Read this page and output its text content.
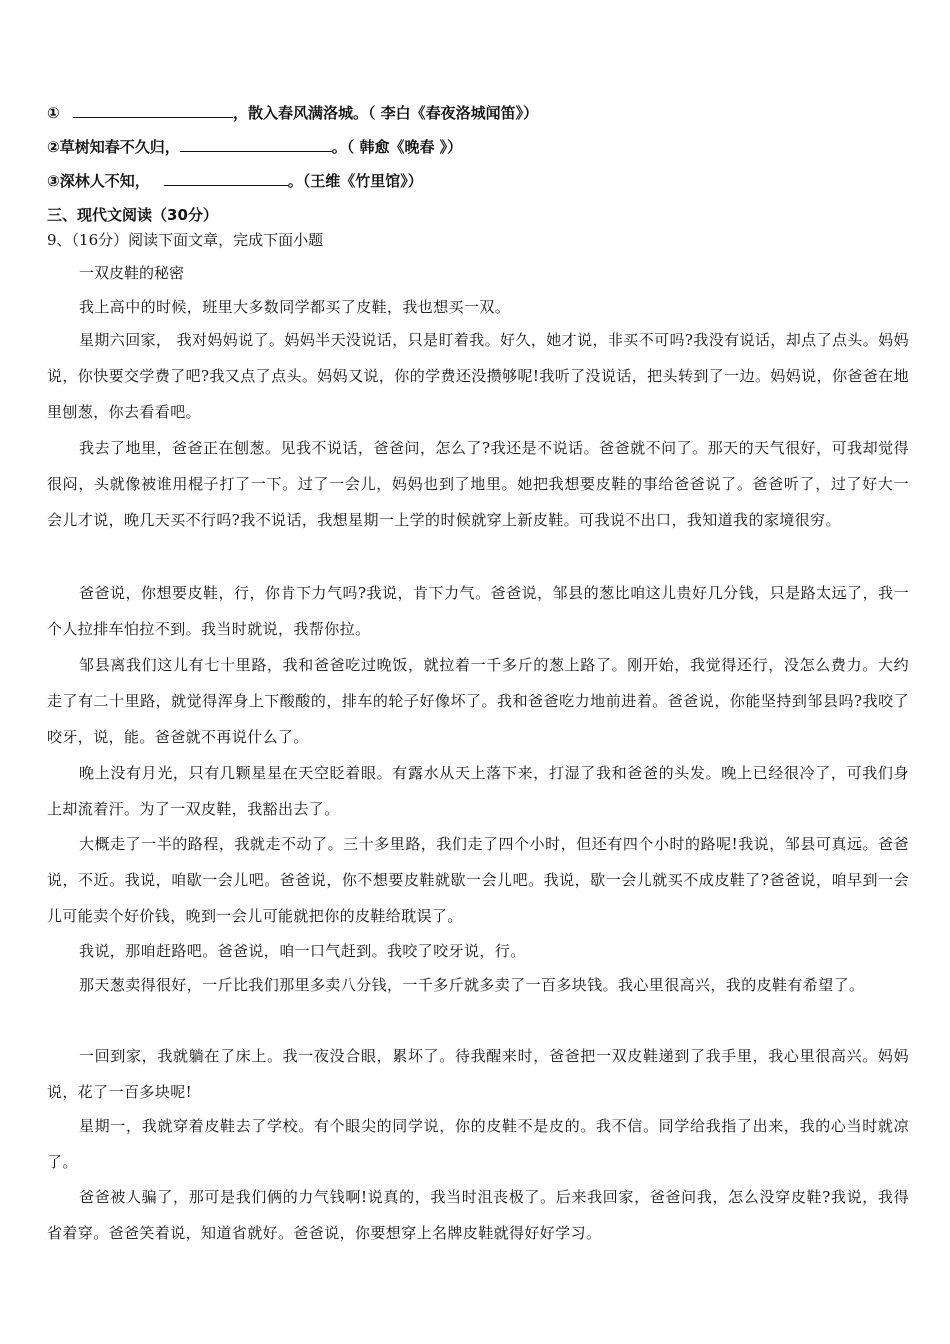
①	，散入春风满洛城。（ 李白《春夜洛城闻笛》）
②草树知春不久归，	。（ 韩愈《晚春 》）
③深林人不知，	。（王维《竹里馆》）
三、现代文阅读（30分）
9、（16分）阅读下面文章，完成下面小题
一双皮鞋的秘密

我上高中的时候，班里大多数同学都买了皮鞋，我也想买一双。

星期六回家， 我对妈妈说了。妈妈半天没说话，只是盯着我。好久，她才说，非买不可吗?我没有说话，却点了点头。妈妈说，你快要交学费了吧?我又点了点头。妈妈又说，你的学费还没攒够呢!我听了没说话，把头转到了一边。妈妈说，你爸爸在地里刨葱，你去看看吧。

我去了地里，爸爸正在刨葱。见我不说话，爸爸问，怎么了?我还是不说话。爸爸就不问了。那天的天气很好，可我却觉得很闷，头就像被谁用棍子打了一下。过了一会儿，妈妈也到了地里。她把我想要皮鞋的事给爸爸说了。爸爸听了，过了好大一会儿才说，晚几天买不行吗?我不说话，我想星期一上学的时候就穿上新皮鞋。可我说不出口，我知道我的家境很穷。

爸爸说，你想要皮鞋，行，你肯下力气吗?我说，肯下力气。爸爸说，邹县的葱比咱这儿贵好几分钱，只是路太远了，我一个人拉排车怕拉不到。我当时就说，我帮你拉。

邹县离我们这儿有七十里路，我和爸爸吃过晚饭，就拉着一千多斤的葱上路了。刚开始，我觉得还行，没怎么费力。大约走了有二十里路，就觉得浑身上下酸酸的，排车的轮子好像坏了。我和爸爸吃力地前进着。爸爸说，你能坚持到邹县吗?我咬了咬牙，说，能。爸爸就不再说什么了。

晚上没有月光，只有几颗星星在天空眨着眼。有露水从天上落下来，打湿了我和爸爸的头发。晚上已经很冷了，可我们身上却流着汗。为了一双皮鞋，我豁出去了。

大概走了一半的路程，我就走不动了。三十多里路，我们走了四个小时，但还有四个小时的路呢!我说，邹县可真远。爸爸说，不近。我说，咱歇一会儿吧。爸爸说，你不想要皮鞋就歇一会儿吧。我说，歇一会儿就买不成皮鞋了?爸爸说，咱早到一会儿可能卖个好价钱，晚到一会儿可能就把你的皮鞋给耽误了。

我说，那咱赶路吧。爸爸说，咱一口气赶到。我咬了咬牙说，行。

那天葱卖得很好，一斤比我们那里多卖八分钱，一千多斤就多卖了一百多块钱。我心里很高兴，我的皮鞋有希望了。

一回到家，我就躺在了床上。我一夜没合眼，累坏了。待我醒来时，爸爸把一双皮鞋递到了我手里，我心里很高兴。妈妈说，花了一百多块呢!

星期一，我就穿着皮鞋去了学校。有个眼尖的同学说，你的皮鞋不是皮的。我不信。同学给我指了出来，我的心当时就凉了。

爸爸被人骗了，那可是我们俩的力气钱啊!说真的，我当时沮丧极了。后来我回家，爸爸问我，怎么没穿皮鞋?我说，我得省着穿。爸爸笑着说，知道省就好。爸爸说，你要想穿上名牌皮鞋就得好好学习。
